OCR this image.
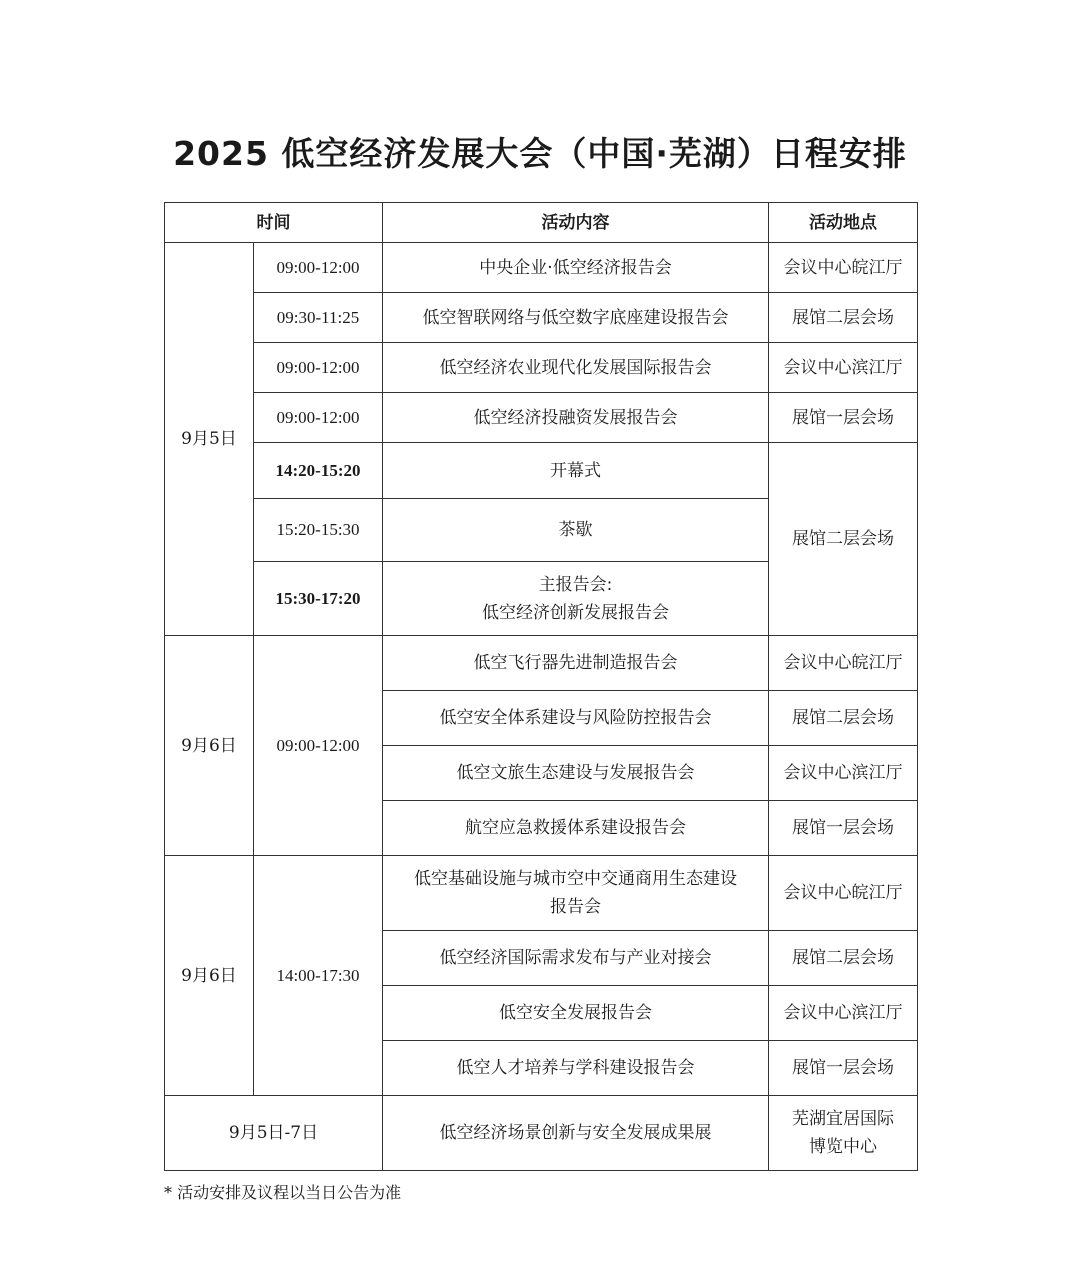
2025 低空经济发展大会（中国·芜湖）日程安排
时间		活动内容	活动地点
9月5日	09:00-12:00	中央企业·低空经济报告会	会议中心皖江厅
	09:30-11:25	低空智联网络与低空数字底座建设报告会	展馆二层会场
	09:00-12:00	低空经济农业现代化发展国际报告会	会议中心滨江厅
	09:00-12:00	低空经济投融资发展报告会	展馆一层会场
	14:20-15:20	开幕式	展馆二层会场
	15:20-15:30	茶歇	
	15:30-17:20	主报告会:
低空经济创新发展报告会	

9月6日	09:00-12:00	低空飞行器先进制造报告会	会议中心皖江厅
		低空安全体系建设与风险防控报告会	展馆二层会场
		低空文旅生态建设与发展报告会	会议中心滨江厅
		航空应急救援体系建设报告会	展馆一层会场
9月6日	14:00-17:30	低空基础设施与城市空中交通商用生态建设
报告会	会议中心皖江厅
		低空经济国际需求发布与产业对接会	展馆二层会场
		低空安全发展报告会	会议中心滨江厅
		低空人才培养与学科建设报告会	展馆一层会场
9月5日-7日		低空经济场景创新与安全发展成果展	芜湖宜居国际
博览中心
* 活动安排及议程以当日公告为准
